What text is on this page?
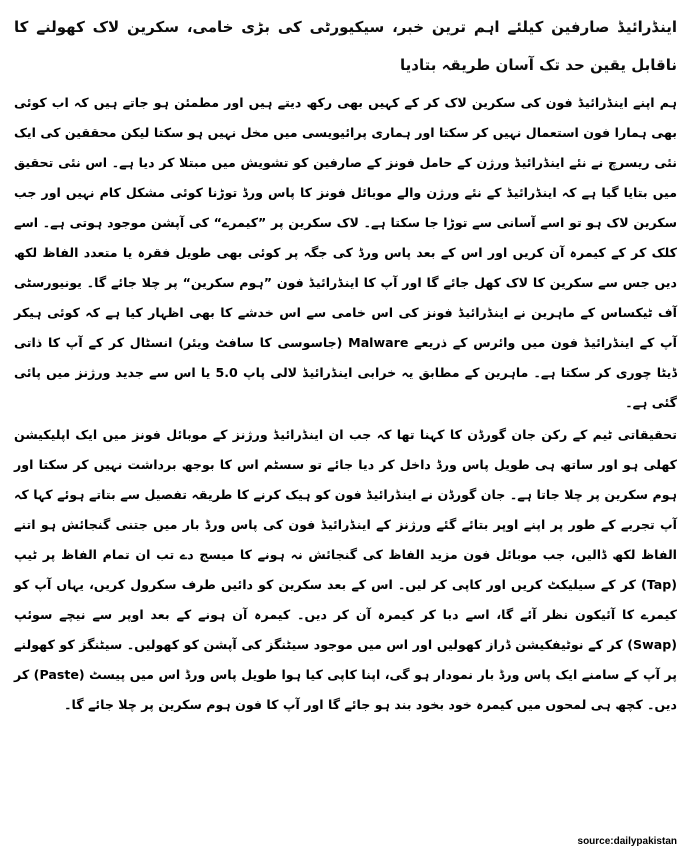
اینڈرائیڈ صارفین کیلئے اہم ترین خبر، سیکیورٹی کی بڑی خامی، سکرین لاک کھولنے کا ناقابل یقین حد تک آسان طریقہ بتادیا

ہم اپنے اینڈرائیڈ فون کی سکرین لاک کر کے کہیں بھی رکھ دیتے ہیں اور مطمئن ہو جاتے ہیں کہ اب کوئی بھی ہمارا فون استعمال نہیں کر سکتا اور ہماری پرائیویسی میں مخل نہیں ہو سکتا لیکن محققین کی ایک نئی ریسرچ نے نئے اینڈرائیڈ ورژن کے حامل فونز کے صارفین کو تشویش میں مبتلا کر دیا ہے۔ اس نئی تحقیق میں بتایا گیا ہے کہ اینڈرائیڈ کے نئے ورژن والے موبائل فونز کا پاس ورڈ توڑنا کوئی مشکل کام نہیں اور جب سکرین لاک ہو تو اسے آسانی سے توڑا جا سکتا ہے۔ لاک سکرین پر ”کیمرے“ کی آپشن موجود ہوتی ہے۔ اسے کلک کر کے کیمرہ آن کریں اور اس کے بعد پاس ورڈ کی جگہ پر کوئی بھی طویل فقرہ یا متعدد الفاظ لکھ دیں جس سے سکرین کا لاک کھل جائے گا اور آپ کا اینڈرائیڈ فون ”ہوم سکرین“ پر چلا جائے گا۔ یونیورسٹی آف ٹیکساس کے ماہرین نے اینڈرائیڈ فونز کی اس خامی سے اس خدشے کا بھی اظہار کیا ہے کہ کوئی ہیکر آپ کے اینڈرائیڈ فون میں وائرس کے ذریعے Malware (جاسوسی کا سافٹ ویئر) انسٹال کر کے آپ کا ذاتی ڈیٹا چوری کر سکتا ہے۔ ماہرین کے مطابق یہ خرابی اینڈرائیڈ لالی پاپ 5.0 یا اس سے جدید ورژنز میں پائی گئی ہے۔

تحقیقاتی ٹیم کے رکن جان گورڈن کا کہنا تھا کہ جب ان اینڈرائیڈ ورژنز کے موبائل فونز میں ایک اپلیکیشن کھلی ہو اور ساتھ ہی طویل پاس ورڈ داخل کر دیا جائے تو سسٹم اس کا بوجھ برداشت نہیں کر سکتا اور ہوم سکرین پر چلا جاتا ہے۔ جان گورڈن نے اینڈرائیڈ فون کو ہیک کرنے کا طریقہ تفصیل سے بتاتے ہوئے کہا کہ آپ تجربے کے طور پر اپنے اوپر بتائے گئے ورژنز کے اینڈرائیڈ فون کی پاس ورڈ بار میں جتنی گنجائش ہو اتنے الفاظ لکھ ڈالیں، جب موبائل فون مزید الفاظ کی گنجائش نہ ہونے کا میسج دے تب ان تمام الفاظ پر ٹیپ (Tap) کر کے سیلیکٹ کریں اور کاپی کر لیں۔ اس کے بعد سکرین کو دائیں طرف سکرول کریں، یہاں آپ کو کیمرے کا آئیکون نظر آئے گا، اسے دبا کر کیمرہ آن کر دیں۔ کیمرہ آن ہونے کے بعد اوپر سے نیچے سوئپ (Swap) کر کے نوٹیفکیشن ڈراز کھولیں اور اس میں موجود سیٹنگز کی آپشن کو کھولیں۔ سیٹنگز کو کھولنے پر آپ کے سامنے ایک پاس ورڈ بار نمودار ہو گی، اپنا کاپی کیا ہوا طویل پاس ورڈ اس میں پیسٹ (Paste) کر دیں۔ کچھ ہی لمحوں میں کیمرہ خود بخود بند ہو جائے گا اور آپ کا فون ہوم سکرین پر چلا جائے گا۔

source:dailypakistan
